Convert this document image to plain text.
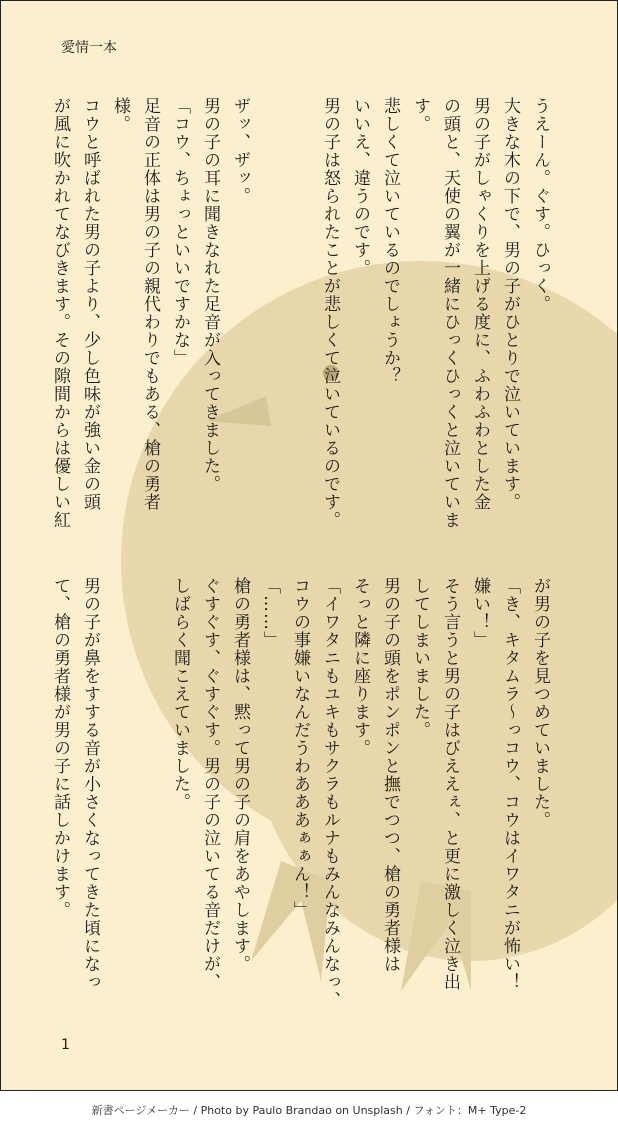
愛情一本
うえーん。ぐす。ひっく。
大きな木の下で、男の子がひとりで泣いています。
男の子がしゃくりを上げる度に、ふわふわとした金
の頭と、天使の翼が一緒にひっくひっくと泣いていま
す。
悲しくて泣いているのでしょうか？
いいえ、違うのです。
男の子は怒られたことが悲しくて泣いているのです。

ザッ、ザッ。
男の子の耳に聞きなれた足音が入ってきました。
「コウ、ちょっといいですかな」
足音の正体は男の子の親代わりでもある、槍の勇者
様。
コウと呼ばれた男の子より、少し色味が強い金の頭
が風に吹かれてなびきます。その隙間からは優しい紅
が男の子を見つめていました。
「き、キタムラ～っコウ、コウはイワタニが怖い！
嫌い！」
そう言うと男の子はびええぇ、と更に激しく泣き出
してしまいました。
男の子の頭をポンポンと撫でつつ、槍の勇者様は
そっと隣に座ります。
「イワタニもユキもサクラもルナもみんなみんなっ、
コウの事嫌いなんだうわあああぁぁん！」
「……」
槍の勇者様は、黙って男の子の肩をあやします。
ぐすぐす、ぐすぐす。男の子の泣いてる音だけが、
しばらく聞こえていました。

男の子が鼻をすする音が小さくなってきた頃になっ
て、槍の勇者様が男の子に話しかけます。
1
新書ページメーカー / Photo by Paulo Brandao on Unsplash / フォント：M+ Type-2
